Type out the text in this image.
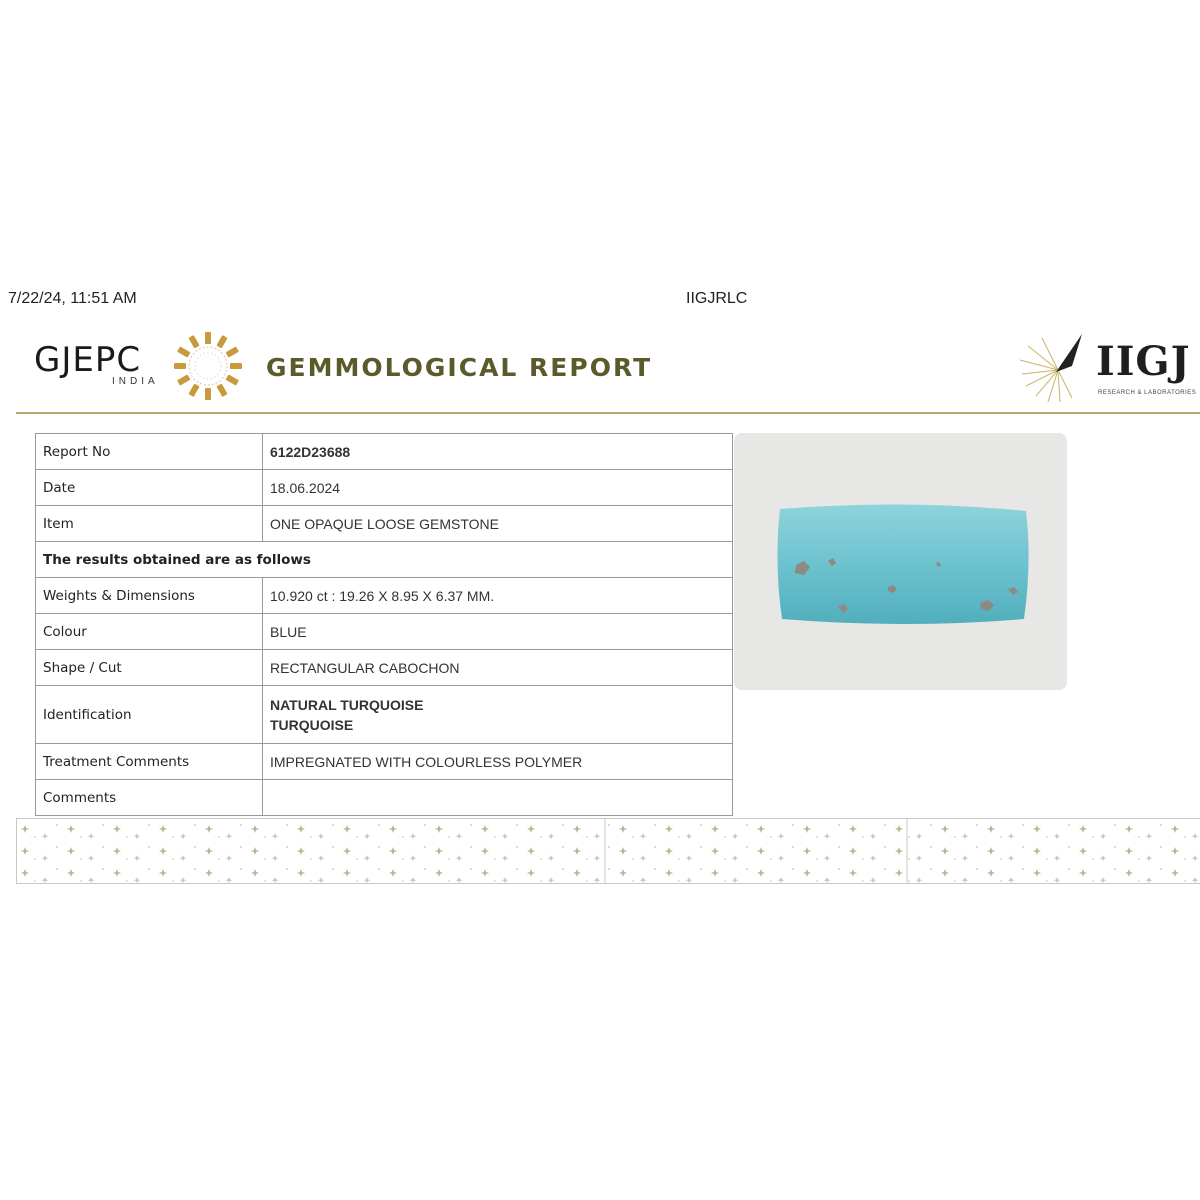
7/22/24, 11:51 AM	IIGJRLC
GJEPC
INDIA	GEMMOLOGICAL REPORT	IIGJ
RESEARCH & LABORATORIES
Report No	6122D23688
Date	18.06.2024
Item	ONE OPAQUE LOOSE GEMSTONE
The results obtained are as follows	
Weights & Dimensions	10.920 ct : 19.26 X 8.95 X 6.37 MM.
Colour	BLUE
Shape / Cut	RECTANGULAR CABOCHON
Identification	NATURAL TURQUOISE
TURQUOISE

Treatment Comments	IMPREGNATED WITH COLOURLESS POLYMER
Comments	
